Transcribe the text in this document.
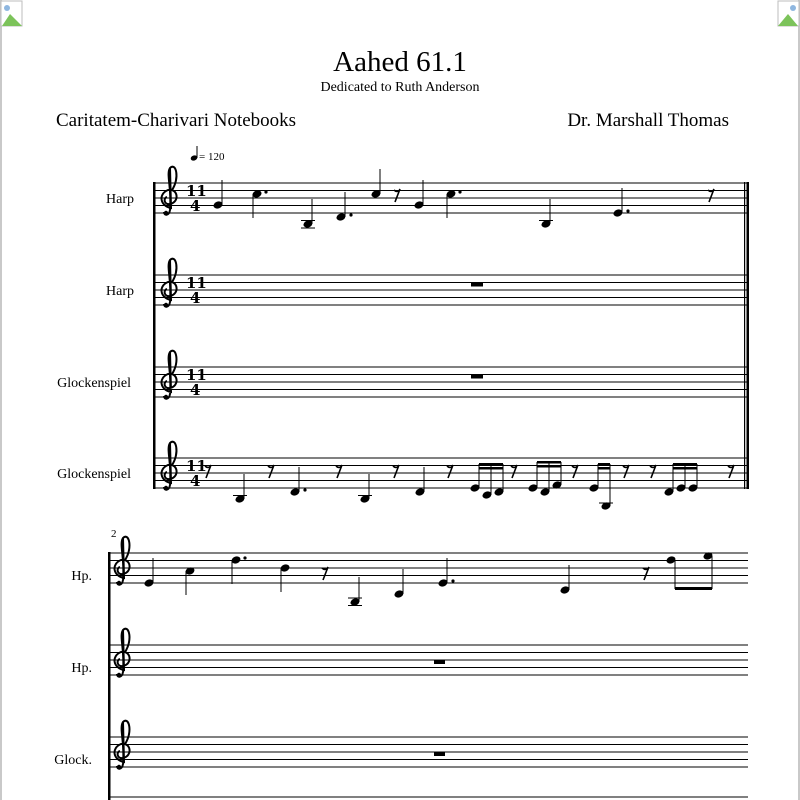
Aahed 61.1
Dedicated to Ruth Anderson
Caritatem-Charivari Notebooks	Dr. Marshall Thomas
11
4
11
4
11
4
11
4
= 120
2
Harp
Harp
Glockenspiel
Glockenspiel
Hp.
Hp.
Glock.
